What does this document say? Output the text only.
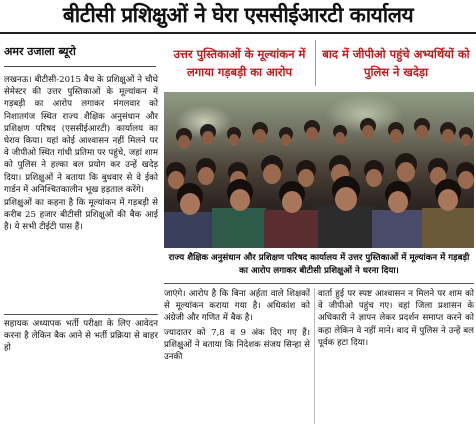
बीटीसी प्रशिक्षुओं ने घेरा एससीईआरटी कार्यालय
अमर उजाला ब्यूरो	उत्तर पुस्तिकाओं के मूल्यांकन में लगाया गड़बड़ी का आरोप
बाद में जीपीओ पहुंचे अभ्यर्थियों को पुलिस ने खदेड़ा

लखनऊ। बीटीसी-2015 बैच के प्रशिक्षुओं ने चौथे सेमेस्टर की उत्तर पुस्तिकाओं के मूल्यांकन में गड़बड़ी का आरोप लगाकर मंगलवार को निशातगंज स्थित राज्य शैक्षिक अनुसंधान और प्रशिक्षण परिषद (एससीईआरटी) कार्यालय का घेराव किया। यहां कोई आश्वासन नहीं मिलने पर वे जीपीओ स्थित गांधी प्रतिमा पर पहुंचे, जहां शाम को पुलिस ने हल्का बल प्रयोग कर उन्हें खदेड़ दिया। प्रशिक्षुओं ने बताया कि बुधवार से वे ईको गार्डन में अनिश्चितकालीन भूख हड़ताल करेंगे।

प्रशिक्षुओं का कहना है कि मूल्यांकन में गड़बड़ी से करीब 25 हजार बीटीसी प्रशिक्षुओं की बैक आई है। ये सभी टीईटी पास हैं।

राज्य शैक्षिक अनुसंधान और प्रशिक्षण परिषद कार्यालय में उत्तर पुस्तिकाओं में मूल्यांकन में गड़बड़ी का आरोप लगाकर बीटीसी प्रशिक्षुओं ने धरना दिया।

सहायक अध्यापक भर्ती परीक्षा के लिए आवेदन करना है लेकिन बैक आने से भर्ती प्रक्रिया से बाहर हो

जाएंगे। आरोप है कि बिना अर्हता वाले शिक्षकों से मूल्यांकन कराया गया है। अधिकांश को अंग्रेजी और गणित में बैक है।

ज्यादातर को 7,8 व 9 अंक दिए गए हैं। प्रशिक्षुओं ने बताया कि निदेशक संजय सिन्हा से उनकी

वार्ता हुई पर स्पष्ट आश्वासन न मिलने पर शाम को वे जीपीओ पहुंच गए। वहां जिला प्रशासन के अधिकारी ने ज्ञापन लेकर प्रदर्शन समाप्त करने को कहा लेकिन वे नहीं माने। बाद में पुलिस ने उन्हें बल पूर्वक हटा दिया।
